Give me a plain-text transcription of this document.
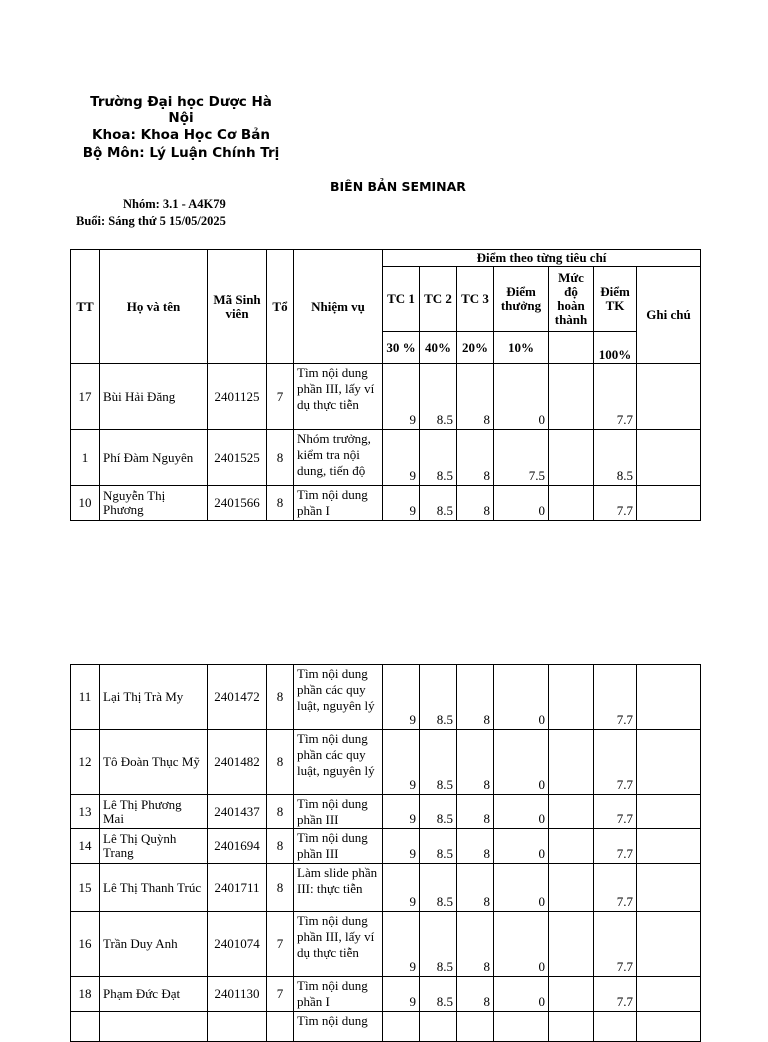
Trường Đại học Dược Hà Nội
Khoa: Khoa Học Cơ Bản
Bộ Môn: Lý Luận Chính Trị
BIÊN BẢN SEMINAR
Nhóm: 3.1 - A4K79
Buổi: Sáng thứ 5 15/05/2025
TT	Họ và tên	Mã Sinh viên	Tổ	Nhiệm vụ	Điểm theo từng tiêu chí						
					TC 1	TC 2	TC 3	Điểm thưởng	Mức độ hoàn thành	Điểm TK	Ghi chú
					30 %	40%	20%	10%		100%	
17	Bùi Hải Đăng	2401125	7	Tìm nội dung phần III, lấy ví dụ thực tiễn	9	8.5	8	0		7.7	
1	Phí Đàm Nguyên	2401525	8	Nhóm trưởng, kiểm tra nội dung, tiến độ	9	8.5	8	7.5		8.5	
10	Nguyễn Thị Phương	2401566	8	Tìm nội dung phần I	9	8.5	8	0		7.7	
11	Lại Thị Trà My	2401472	8	Tìm nội dung phần các quy luật, nguyên lý	9	8.5	8	0		7.7	
12	Tô Đoàn Thục Mỹ	2401482	8	Tìm nội dung phần các quy luật, nguyên lý	9	8.5	8	0		7.7	
13	Lê Thị Phương Mai	2401437	8	Tìm nội dung phần III	9	8.5	8	0		7.7	
14	Lê Thị Quỳnh Trang	2401694	8	Tìm nội dung phần III	9	8.5	8	0		7.7	
15	Lê Thị Thanh Trúc	2401711	8	Làm slide phần III: thực tiễn	9	8.5	8	0		7.7	
16	Trần Duy Anh	2401074	7	Tìm nội dung phần III, lấy ví dụ thực tiễn	9	8.5	8	0		7.7	
18	Phạm Đức Đạt	2401130	7	Tìm nội dung phần I	9	8.5	8	0		7.7	
				Tìm nội dung							
